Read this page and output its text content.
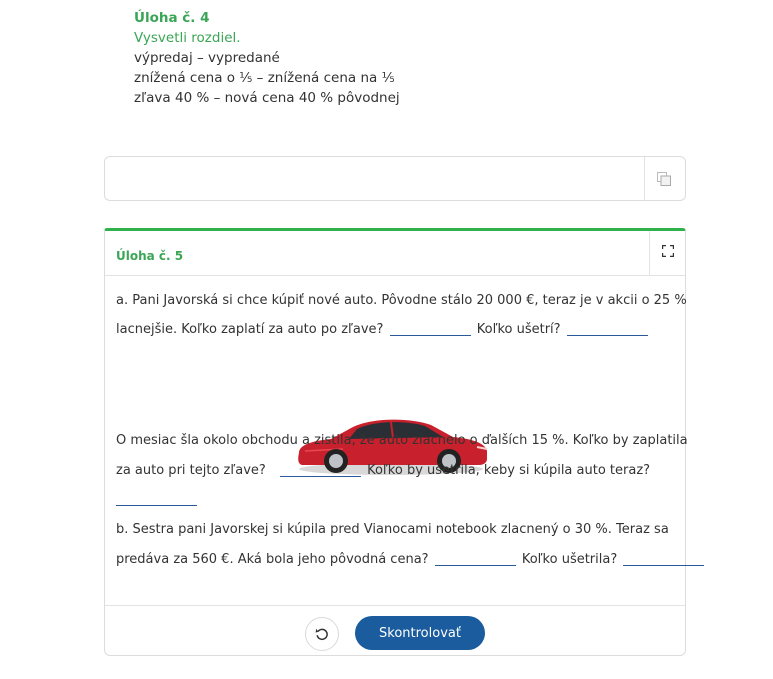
Úloha č. 4
Vysvetli rozdiel.
výpredaj – vypredané
znížená cena o ⅕ – znížená cena na ⅕
zľava 40 % – nová cena 40 % pôvodnej
Úloha č. 5
a. Pani Javorská si chce kúpiť nové auto. Pôvodne stálo 20 000 €, teraz je v akcii o 25 %
lacnejšie. Koľko zaplatí za auto po zľave?	Koľko ušetrí?
O mesiac šla okolo obchodu a zistila, že auto zlacnelo o ďalších 15 %. Koľko by zaplatila
za auto pri tejto zľave?	Koľko by ušetrila, keby si kúpila auto teraz?
b. Sestra pani Javorskej si kúpila pred Vianocami notebook zlacnený o 30 %. Teraz sa
predáva za 560 €. Aká bola jeho pôvodná cena?	Koľko ušetrila?
Skontrolovať
